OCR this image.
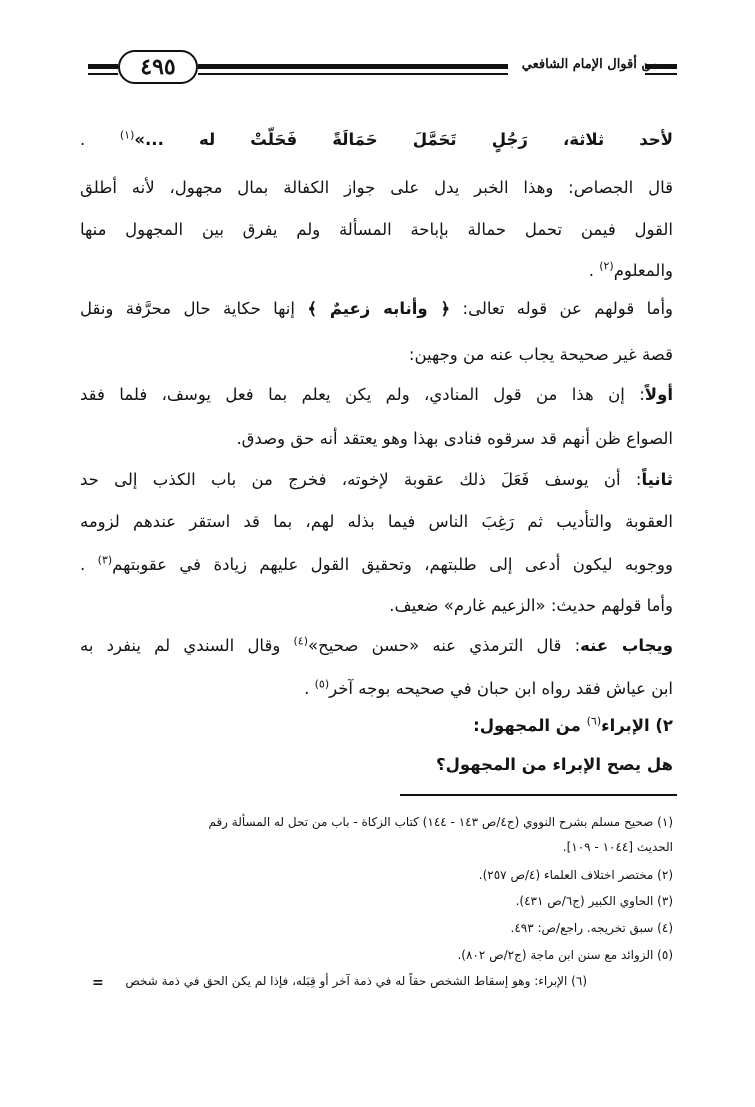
من أقوال الإمام الشافعي
٤٩٥
لأحد ثلاثة، رَجُلٍ تَحَمَّلَ حَمَالَةً فَحَلَّتْ له ...»$^{(١)}$ .
قال الجصاص: وهذا الخبر يدل على جواز الكفالة بمال مجهول، لأنه أطلق
القول فيمن تحمل حمالة بإباحة المسألة ولم يفرق بين المجهول منها
والمعلوم$^{(٢)}$ .
وأما قولهم عن قوله تعالى: ﴿ وأنابه زعيمٌ ﴾ إنها حكاية حال محرَّفة ونقل
قصة غير صحيحة يجاب عنه من وجهين:
أولاً: إن هذا من قول المنادي، ولم يكن يعلم بما فعل يوسف، فلما فقد
الصواع ظن أنهم قد سرقوه فنادى بهذا وهو يعتقد أنه حق وصدق.
ثانياً: أن يوسف فَعَلَ ذلك عقوبة لإخوته، فخرج من باب الكذب إلى حد
العقوبة والتأديب ثم رَغِبَ الناس فيما بذله لهم، بما قد استقر عندهم لزومه
ووجوبه ليكون أدعى إلى طلبتهم، وتحقيق القول عليهم زيادة في عقوبتهم$^{(٣)}$ .
وأما قولهم حديث: «الزعيم غارم» ضعيف.
ويجاب عنه: قال الترمذي عنه «حسن صحيح»$^{(٤)}$ وقال السندي لم ينفرد به
ابن عياش فقد رواه ابن حبان في صحيحه بوجه آخر$^{(٥)}$ .
٢) الإبراء$^{(٦)}$ من المجهول:
هل يصح الإبراء من المجهول؟
(١) صحيح مسلم بشرح النووي (ج٤/ص ١٤٣ - ١٤٤) كتاب الزكاة - باب من تحل له المسألة رقم
الحديث [١٠٤٤ - ١٠٩].
(٢) مختصر اختلاف العلماء (٤/ص ٢٥٧).
(٣) الحاوي الكبير (ج٦/ص ٤٣١).
(٤) سبق تخريجه. راجع/ص: ٤٩٣.
(٥) الزوائد مع سنن ابن ماجة (ج٢/ص ٨٠٢).
(٦) الإبراء: وهو إسقاط الشخص حقاً له في ذمة آخر أو قِبَله، فإذا لم يكن الحق في ذمة شخص
=
